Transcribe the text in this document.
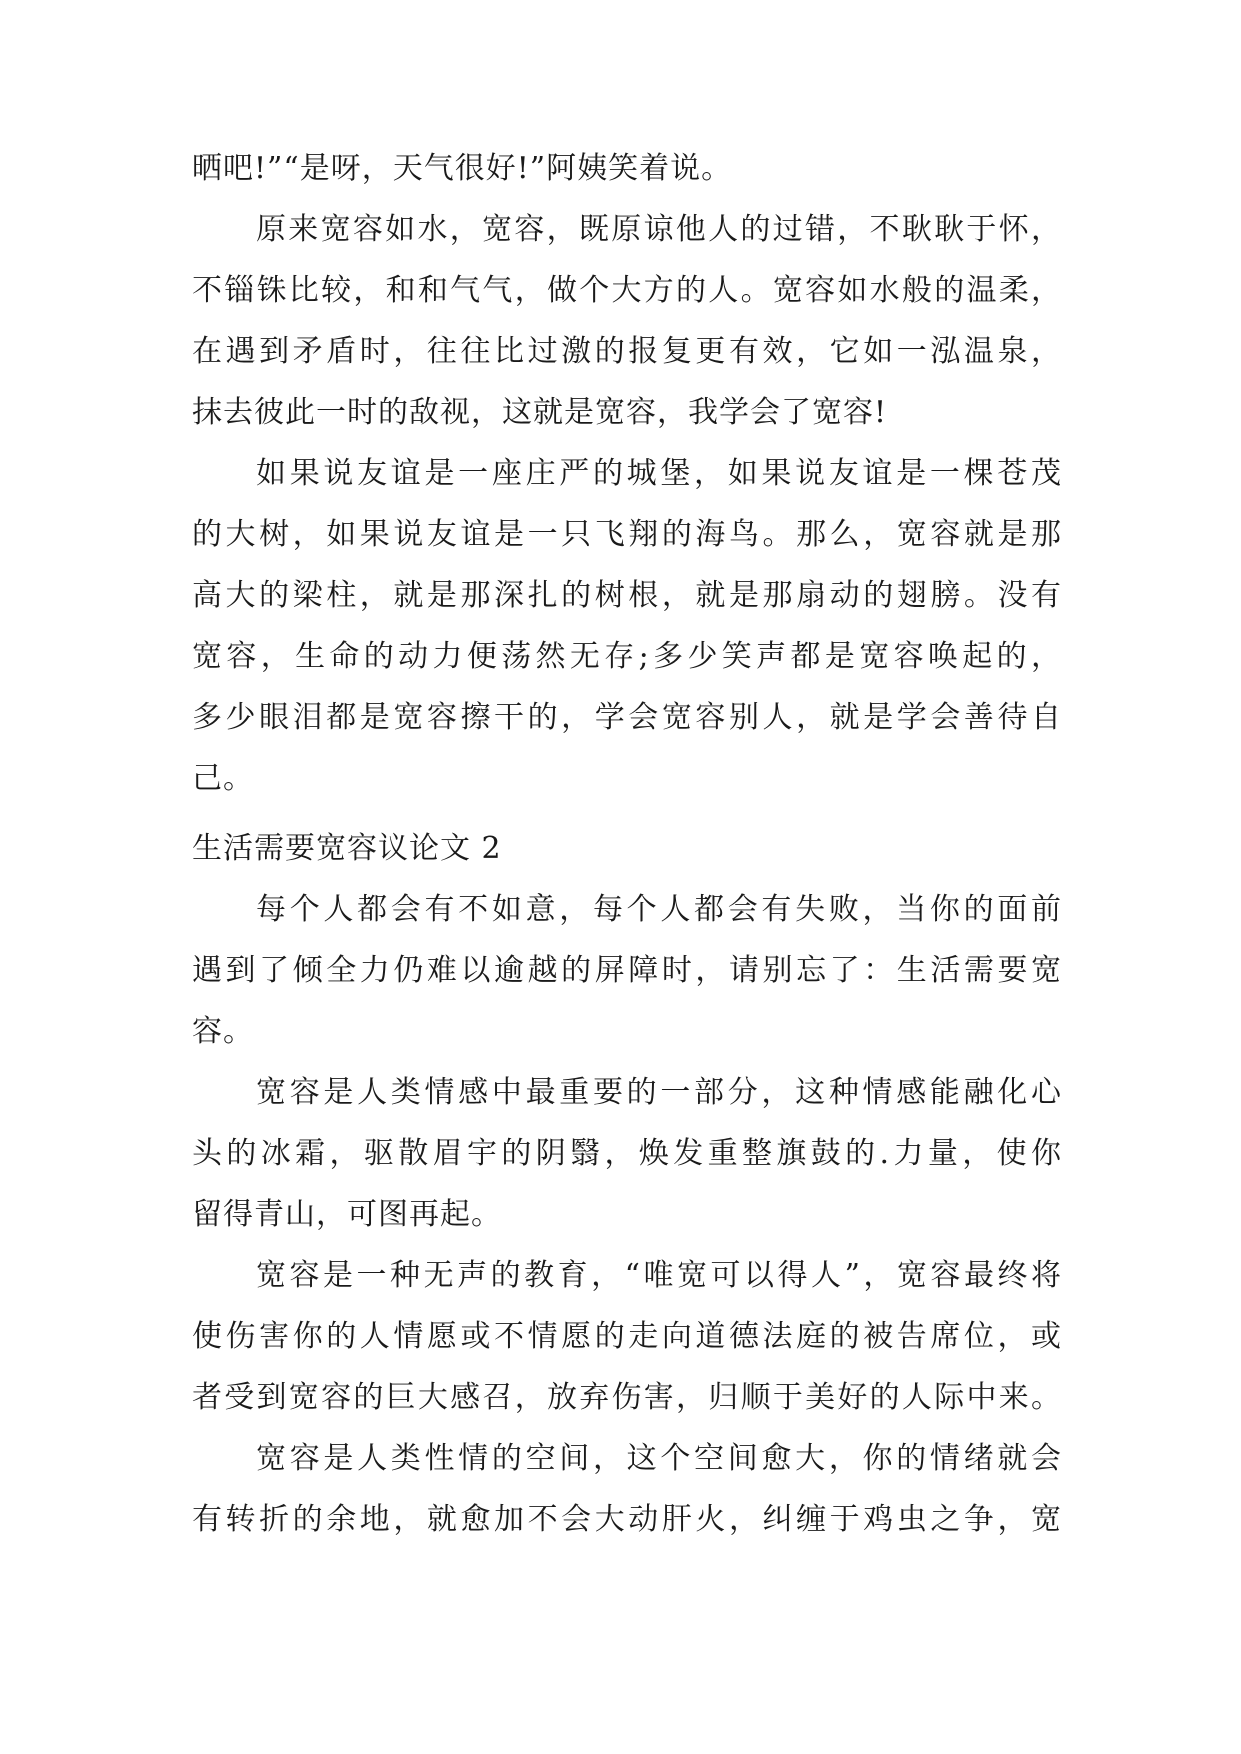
晒吧!”“是呀，天气很好!”阿姨笑着说。
原来宽容如水，宽容，既原谅他人的过错，不耿耿于怀，
不锱铢比较，和和气气，做个大方的人。宽容如水般的温柔，
在遇到矛盾时，往往比过激的报复更有效，它如一泓温泉，
抹去彼此一时的敌视，这就是宽容，我学会了宽容!
如果说友谊是一座庄严的城堡，如果说友谊是一棵苍茂
的大树，如果说友谊是一只飞翔的海鸟。那么，宽容就是那
高大的梁柱，就是那深扎的树根，就是那扇动的翅膀。没有
宽容，生命的动力便荡然无存;多少笑声都是宽容唤起的，
多少眼泪都是宽容擦干的，学会宽容别人，就是学会善待自
己。
生活需要宽容议论文 2
每个人都会有不如意，每个人都会有失败，当你的面前
遇到了倾全力仍难以逾越的屏障时，请别忘了：生活需要宽
容。
宽容是人类情感中最重要的一部分，这种情感能融化心
头的冰霜，驱散眉宇的阴翳，焕发重整旗鼓的.力量，使你
留得青山，可图再起。
宽容是一种无声的教育，“唯宽可以得人”，宽容最终将
使伤害你的人情愿或不情愿的走向道德法庭的被告席位，或
者受到宽容的巨大感召，放弃伤害，归顺于美好的人际中来。
宽容是人类性情的空间，这个空间愈大，你的情绪就会
有转折的余地，就愈加不会大动肝火，纠缠于鸡虫之争，宽
